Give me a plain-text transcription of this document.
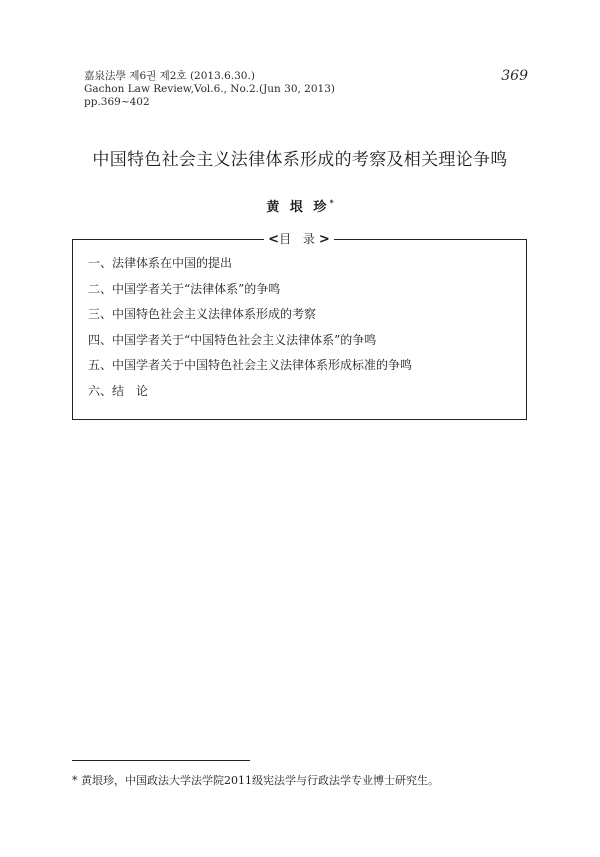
嘉泉法學 제6권 제2호 (2013.6.30.)
Gachon Law Review,Vol.6., No.2.(Jun 30, 2013)
pp.369~402
369
中国特色社会主义法律体系形成的考察及相关理论争鸣
黄 垠 珍*
<目 录>
一、法律体系在中国的提出
二、中国学者关于“法律体系”的争鸣
三、中国特色社会主义法律体系形成的考察
四、中国学者关于“中国特色社会主义法律体系”的争鸣
五、中国学者关于中国特色社会主义法律体系形成标准的争鸣
六、结　论
* 黄垠珍，中国政法大学法学院2011级宪法学与行政法学专业博士研究生。
